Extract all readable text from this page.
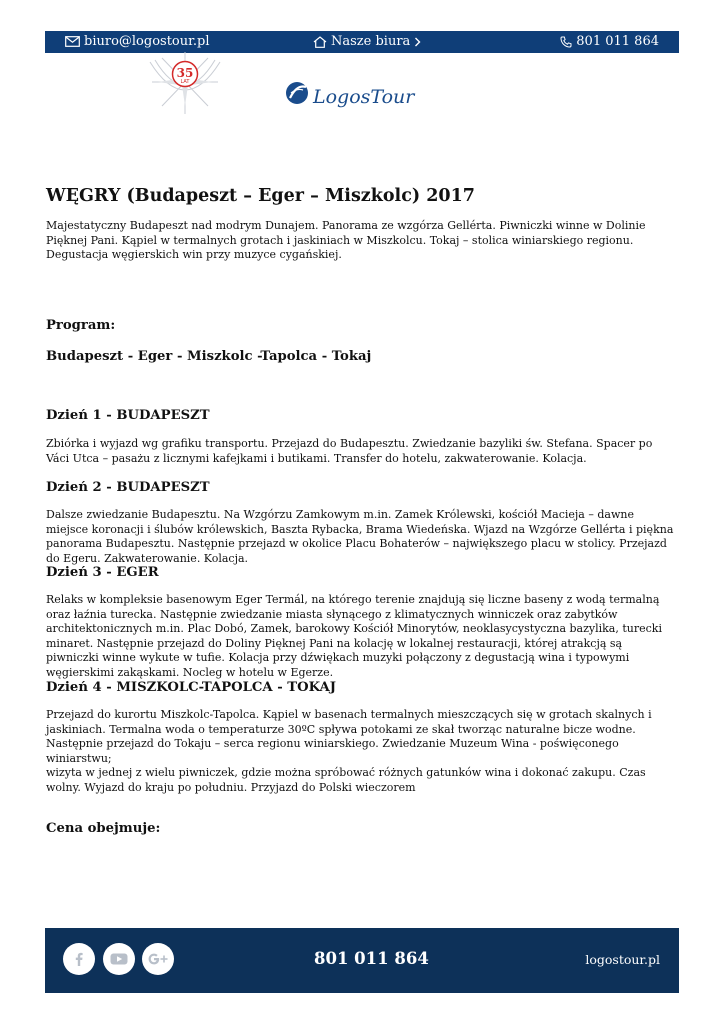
biuro@logostour.pl	Nasze biura	801 011 864
35
LAT
LogosTour
WĘGRY (Budapeszt – Eger – Miszkolc) 2017

Majestatyczny Budapeszt nad modrym Dunajem. Panorama ze wzgórza Gellérta. Piwniczki winne w Dolinie Pięknej Pani. Kąpiel w termalnych grotach i jaskiniach w Miszkolcu. Tokaj – stolica winiarskiego regionu. Degustacja węgierskich win przy muzyce cygańskiej.

Program:
Budapeszt - Eger - Miszkolc -Tapolca - Tokaj
Dzień 1 - BUDAPESZT

Zbiórka i wyjazd wg grafiku transportu. Przejazd do Budapesztu. Zwiedzanie bazyliki św. Stefana. Spacer po Váci Utca – pasażu z licznymi kafejkami i butikami. Transfer do hotelu, zakwaterowanie. Kolacja.

Dzień 2 - BUDAPESZT

Dalsze zwiedzanie Budapesztu. Na Wzgórzu Zamkowym m.in. Zamek Królewski, kościół Macieja – dawne miejsce koronacji i ślubów królewskich, Baszta Rybacka, Brama Wiedeńska. Wjazd na Wzgórze Gellérta i piękna panorama Budapesztu. Następnie przejazd w okolice Placu Bohaterów – największego placu w stolicy. Przejazd do Egeru. Zakwaterowanie. Kolacja.

Dzień 3 - EGER

Relaks w kompleksie basenowym Eger Termál, na którego terenie znajdują się liczne baseny z wodą termalną oraz łaźnia turecka. Następnie zwiedzanie miasta słynącego z klimatycznych winniczek oraz zabytków architektonicznych m.in. Plac Dobó, Zamek, barokowy Kościół Minorytów, neoklasycystyczna bazylika, turecki minaret. Następnie przejazd do Doliny Pięknej Pani na kolację w lokalnej restauracji, której atrakcją są piwniczki winne wykute w tufie. Kolacja przy dźwiękach muzyki połączony z degustacją wina i typowymi węgierskimi zakąskami. Nocleg w hotelu w Egerze.

Dzień 4 - MISZKOLC-TAPOLCA - TOKAJ

Przejazd do kurortu Miszkolc-Tapolca. Kąpiel w basenach termalnych mieszczących się w grotach skalnych i jaskiniach. Termalna woda o temperaturze 30ºC spływa potokami ze skał tworząc naturalne bicze wodne. Następnie przejazd do Tokaju – serca regionu winiarskiego. Zwiedzanie Muzeum Wina - poświęconego winiarstwu;
wizyta w jednej z wielu piwniczek, gdzie można spróbować różnych gatunków wina i dokonać zakupu. Czas wolny. Wyjazd do kraju po południu. Przyjazd do Polski wieczorem

Cena obejmuje:
801 011 864	logostour.pl
